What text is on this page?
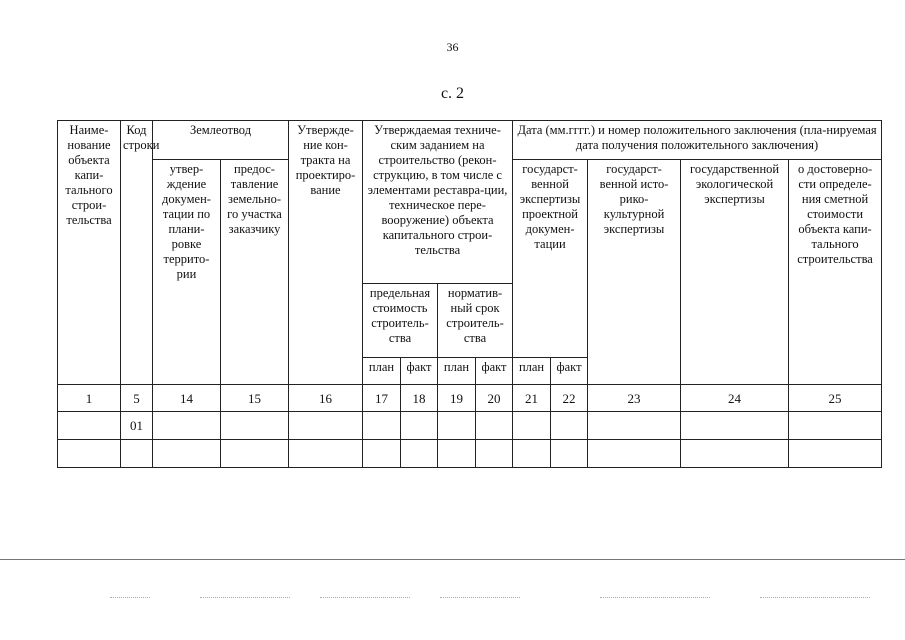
36
с. 2
Наиме-нование объекта капи-тального строи-тельства	Код строки	Землеотвод		Утвержде-ние кон-тракта на проектиро-вание	Утверждаемая техниче-ским заданием на строительство (рекон-струкцию, в том числе с элементами реставра-ции, техническое пере-вооружение) объекта капитального строи-тельства				Дата (мм.гггг.) и номер положительного заключения (пла-нируемая дата получения положительного заключения)				
		утвер-ждение докумен-тации по плани-ровке террито-рии	предос-тавление земельно-го участка заказчику						государст-венной экспертизы проектной докумен-тации		государст-венной исто-рико-культурной экспертизы	государственной экологической экспертизы	о достоверно-сти определе-ния сметной стоимости объекта капи-тального строительства
					предельная стоимость строитель-ства		норматив-ный срок строитель-ства						
					план	факт	план	факт	план	факт			
1	5	14	15	16	17	18	19	20	21	22	23	24	25
	01												
